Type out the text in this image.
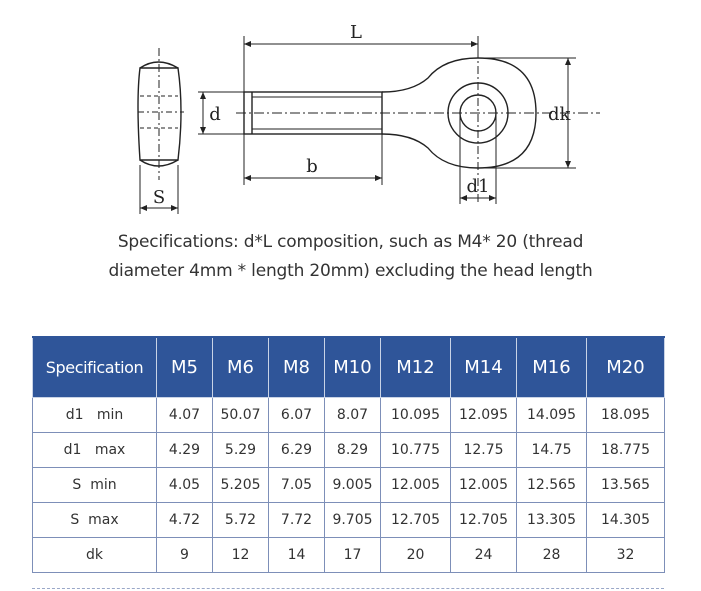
L
d
b
dk
d1
S
Specifications: d*L composition, such as M4* 20 (thread
diameter 4mm * length 20mm) excluding the head length
Specification	M5	M6	M8	M10	M12	M14	M16	M20
d1   min	4.07	50.07	6.07	8.07	10.095	12.095	14.095	18.095
d1   max	4.29	5.29	6.29	8.29	10.775	12.75	14.75	18.775
S  min	4.05	5.205	7.05	9.005	12.005	12.005	12.565	13.565
S  max	4.72	5.72	7.72	9.705	12.705	12.705	13.305	14.305
dk	9	12	14	17	20	24	28	32
